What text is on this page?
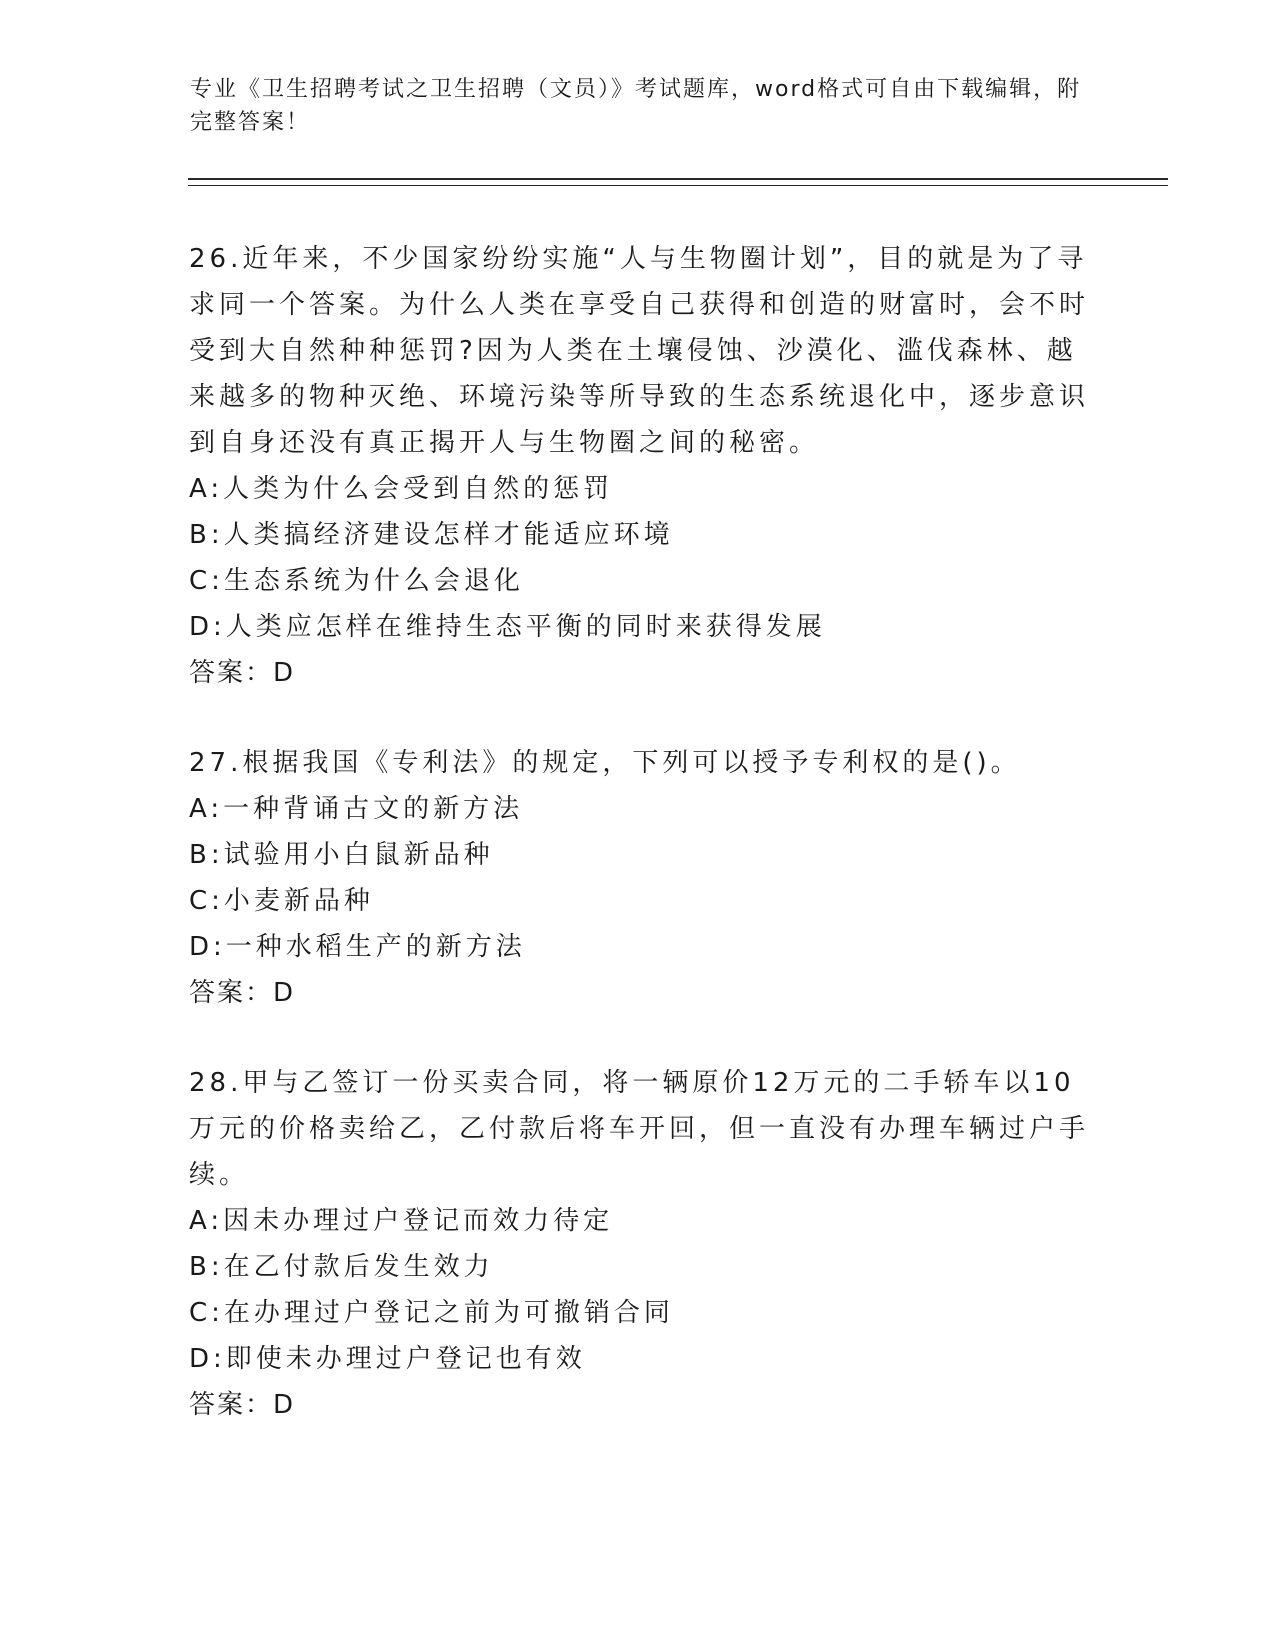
专业《卫生招聘考试之卫生招聘（文员）》考试题库，word格式可自由下载编辑，附完整答案！

26.近年来，不少国家纷纷实施“人与生物圈计划”，目的就是为了寻求同一个答案。为什么人类在享受自己获得和创造的财富时，会不时受到大自然种种惩罚?因为人类在土壤侵蚀、沙漠化、滥伐森林、越来越多的物种灭绝、环境污染等所导致的生态系统退化中，逐步意识到自身还没有真正揭开人与生物圈之间的秘密。

A:人类为什么会受到自然的惩罚

B:人类搞经济建设怎样才能适应环境

C:生态系统为什么会退化

D:人类应怎样在维持生态平衡的同时来获得发展

答案：D

27.根据我国《专利法》的规定，下列可以授予专利权的是()。

A:一种背诵古文的新方法

B:试验用小白鼠新品种

C:小麦新品种

D:一种水稻生产的新方法

答案：D

28.甲与乙签订一份买卖合同，将一辆原价12万元的二手轿车以10万元的价格卖给乙，乙付款后将车开回，但一直没有办理车辆过户手续。

A:因未办理过户登记而效力待定

B:在乙付款后发生效力

C:在办理过户登记之前为可撤销合同

D:即使未办理过户登记也有效

答案：D
